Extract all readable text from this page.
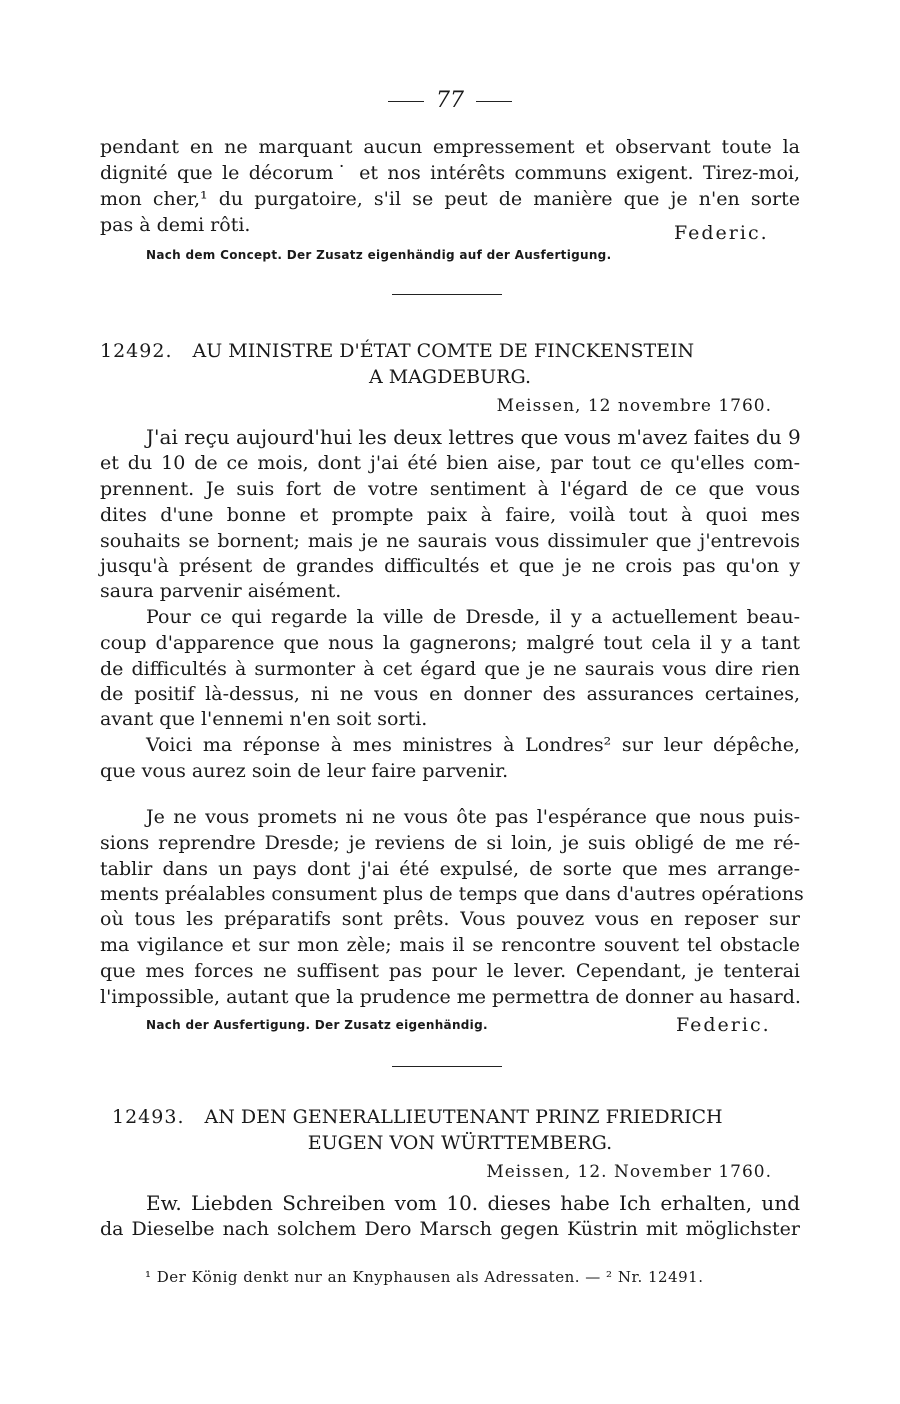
77
pendant en ne marquant aucun empressement et observant toute la
dignité que le décorum˙ et nos intérêts communs exigent. Tirez-moi,
mon cher,¹ du purgatoire, s'il se peut de manière que je n'en sorte
pas à demi rôti.	Federic.
Nach dem Concept. Der Zusatz eigenhändig auf der Ausfertigung.
12492. AU MINISTRE D'ÉTAT COMTE DE FINCKENSTEIN
A MAGDEBURG.
Meissen, 12 novembre 1760.
J'ai reçu aujourd'hui les deux lettres que vous m'avez faites du 9
et du 10 de ce mois, dont j'ai été bien aise, par tout ce qu'elles com-
prennent. Je suis fort de votre sentiment à l'égard de ce que vous
dites d'une bonne et prompte paix à faire, voilà tout à quoi mes
souhaits se bornent; mais je ne saurais vous dissimuler que j'entrevois
jusqu'à présent de grandes difficultés et que je ne crois pas qu'on y
saura parvenir aisément.
Pour ce qui regarde la ville de Dresde, il y a actuellement beau-
coup d'apparence que nous la gagnerons; malgré tout cela il y a tant
de difficultés à surmonter à cet égard que je ne saurais vous dire rien
de positif là-dessus, ni ne vous en donner des assurances certaines,
avant que l'ennemi n'en soit sorti.
Voici ma réponse à mes ministres à Londres² sur leur dépêche,
que vous aurez soin de leur faire parvenir.
Je ne vous promets ni ne vous ôte pas l'espérance que nous puis-
sions reprendre Dresde; je reviens de si loin, je suis obligé de me ré-
tablir dans un pays dont j'ai été expulsé, de sorte que mes arrange-
ments préalables consument plus de temps que dans d'autres opérations
où tous les préparatifs sont prêts. Vous pouvez vous en reposer sur
ma vigilance et sur mon zèle; mais il se rencontre souvent tel obstacle
que mes forces ne suffisent pas pour le lever. Cependant, je tenterai
l'impossible, autant que la prudence me permettra de donner au hasard.
Nach der Ausfertigung. Der Zusatz eigenhändig.	Federic.
12493. AN DEN GENERALLIEUTENANT PRINZ FRIEDRICH
EUGEN VON WÜRTTEMBERG.
Meissen, 12. November 1760.
Ew. Liebden Schreiben vom 10. dieses habe Ich erhalten, und
da Dieselbe nach solchem Dero Marsch gegen Küstrin mit möglichster
¹ Der König denkt nur an Knyphausen als Adressaten. — ² Nr. 12491.
